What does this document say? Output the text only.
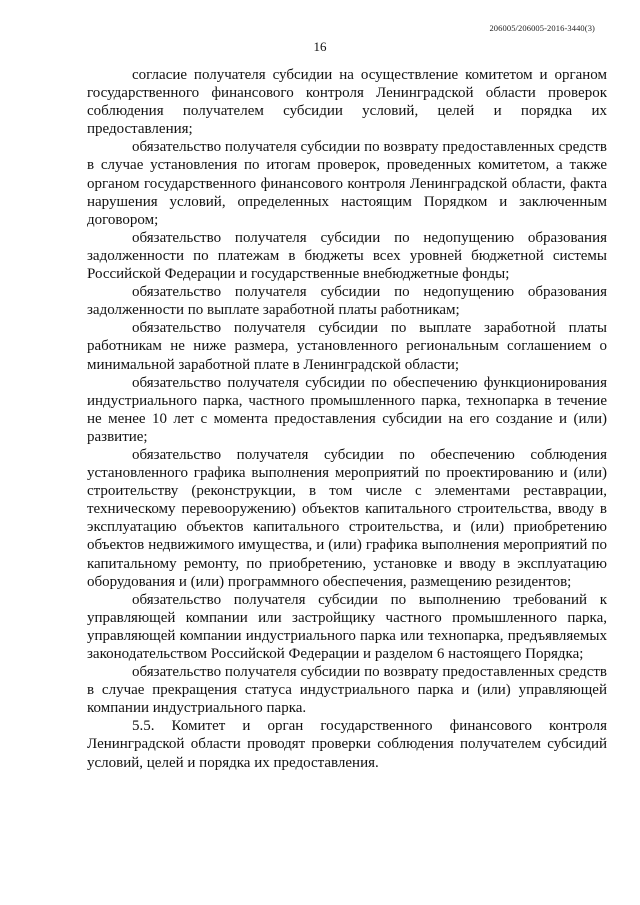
206005/206005-2016-3440(3)
16

согласие получателя субсидии на осуществление комитетом и органом государственного финансового контроля Ленинградской области проверок соблюдения получателем субсидии условий, целей и порядка их предоставления;

обязательство получателя субсидии по возврату предоставленных средств в случае установления по итогам проверок, проведенных комитетом, а также органом государственного финансового контроля Ленинградской области, факта нарушения условий, определенных настоящим Порядком и заключенным договором;

обязательство получателя субсидии по недопущению образования задолженности по платежам в бюджеты всех уровней бюджетной системы Российской Федерации и государственные внебюджетные фонды;

обязательство получателя субсидии по недопущению образования задолженности по выплате заработной платы работникам;

обязательство получателя субсидии по выплате заработной платы работникам не ниже размера, установленного региональным соглашением о минимальной заработной плате в Ленинградской области;

обязательство получателя субсидии по обеспечению функционирования индустриального парка, частного промышленного парка, технопарка в течение не менее 10 лет с момента предоставления субсидии на его создание и (или) развитие;

обязательство получателя субсидии по обеспечению соблюдения установленного графика выполнения мероприятий по проектированию и (или) строительству (реконструкции, в том числе с элементами реставрации, техническому перевооружению) объектов капитального строительства, вводу в эксплуатацию объектов капитального строительства, и (или) приобретению объектов недвижимого имущества, и (или) графика выполнения мероприятий по капитальному ремонту, по приобретению, установке и вводу в эксплуатацию оборудования и (или) программного обеспечения, размещению резидентов;

обязательство получателя субсидии по выполнению требований к управляющей компании или застройщику частного промышленного парка, управляющей компании индустриального парка или технопарка, предъявляемых законодательством Российской Федерации и разделом 6 настоящего Порядка;

обязательство получателя субсидии по возврату предоставленных средств в случае прекращения статуса индустриального парка и (или) управляющей компании индустриального парка.

5.5. Комитет и орган государственного финансового контроля Ленинградской области проводят проверки соблюдения получателем субсидий условий, целей и порядка их предоставления.
